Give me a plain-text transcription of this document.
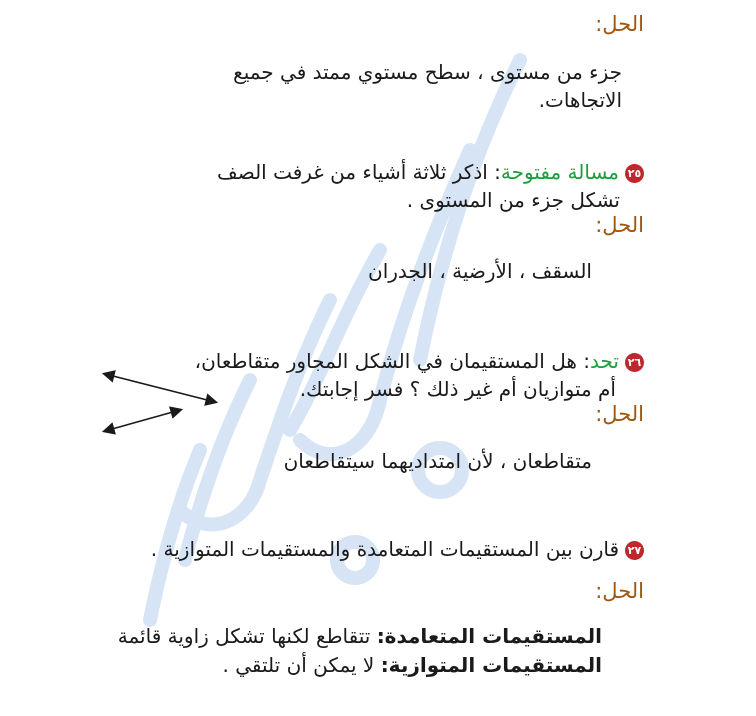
الحل:
جزء من مستوى ، سطح مستوي ممتد في جميع
الاتجاهات.
٢٥مسالة مفتوحة: اذكر ثلاثة أشياء من غرفت الصف
تشكل جزء من المستوى .
الحل:
السقف ، الأرضية ، الجدران
٢٦تحد: هل المستقيمان في الشكل المجاور متقاطعان،
أم متوازيان أم غير ذلك ؟ فسر إجابتك.
الحل:
متقاطعان ، لأن امتداديهما سيتقاطعان
٢٧قارن بين المستقيمات المتعامدة والمستقيمات المتوازية .
الحل:
المستقيمات المتعامدة: تتقاطع لكنها تشكل زاوية قائمة
المستقيمات المتوازية: لا يمكن أن تلتقي .
